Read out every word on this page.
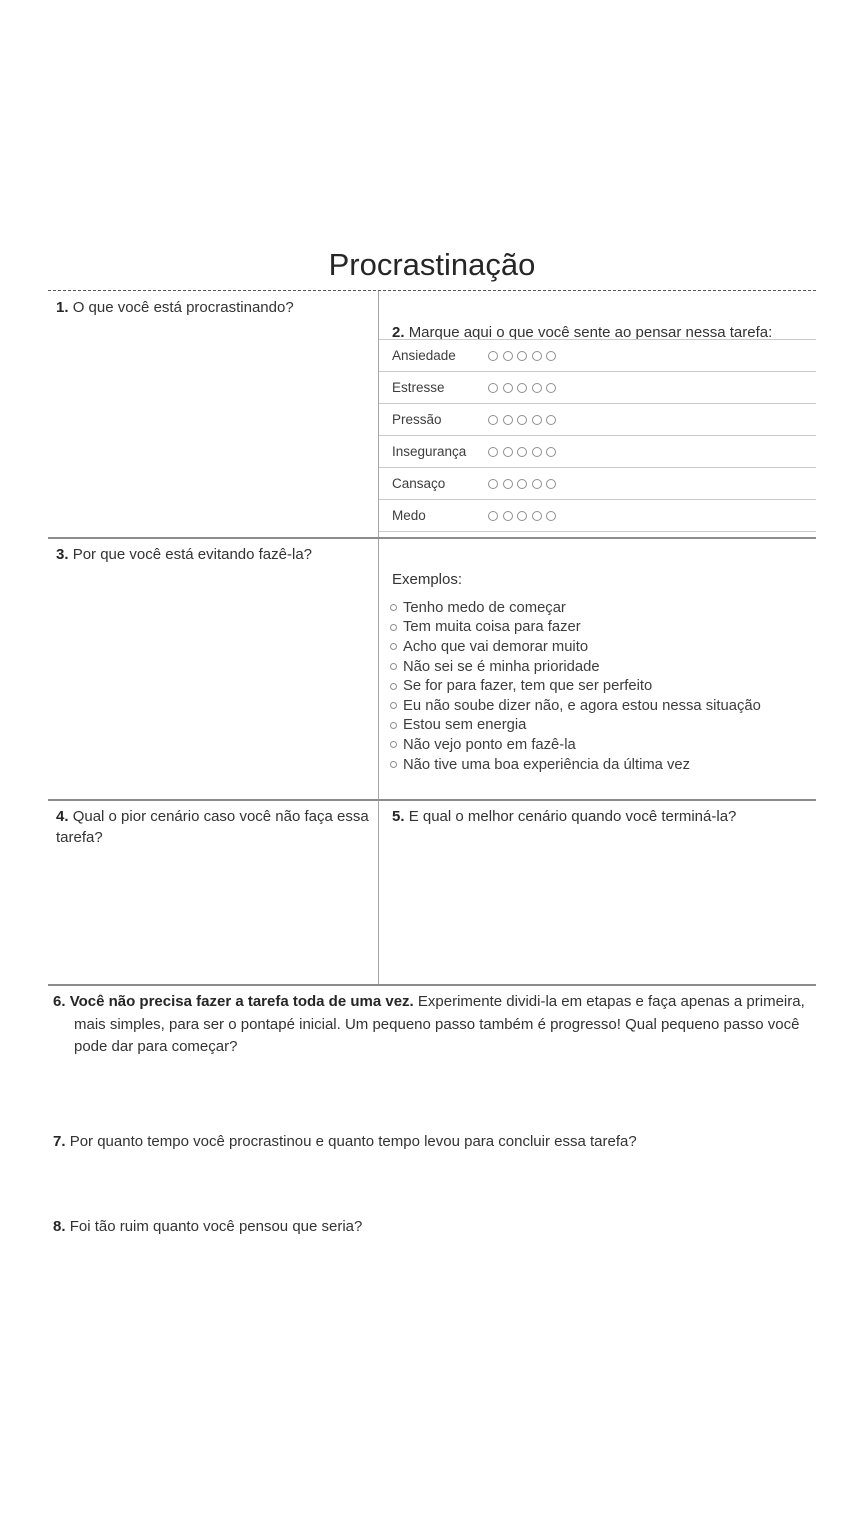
Procrastinação

1. O que você está procrastinando?

2. Marque aqui o que você sente ao pensar nessa tarefa:

Ansiedade
Estresse
Pressão
Insegurança
Cansaço
Medo

3. Por que você está evitando fazê-la?

Exemplos:

Tenho medo de começar
Tem muita coisa para fazer
Acho que vai demorar muito
Não sei se é minha prioridade
Se for para fazer, tem que ser perfeito
Eu não soube dizer não, e agora estou nessa situação
Estou sem energia
Não vejo ponto em fazê-la
Não tive uma boa experiência da última vez

4. Qual o pior cenário caso você não faça essa tarefa?

5. E qual o melhor cenário quando você terminá-la?

6. Você não precisa fazer a tarefa toda de uma vez. Experimente dividi-la em etapas e faça apenas a primeira, mais simples, para ser o pontapé inicial. Um pequeno passo também é progresso! Qual pequeno passo você pode dar para começar?

7. Por quanto tempo você procrastinou e quanto tempo levou para concluir essa tarefa?

8. Foi tão ruim quanto você pensou que seria?
